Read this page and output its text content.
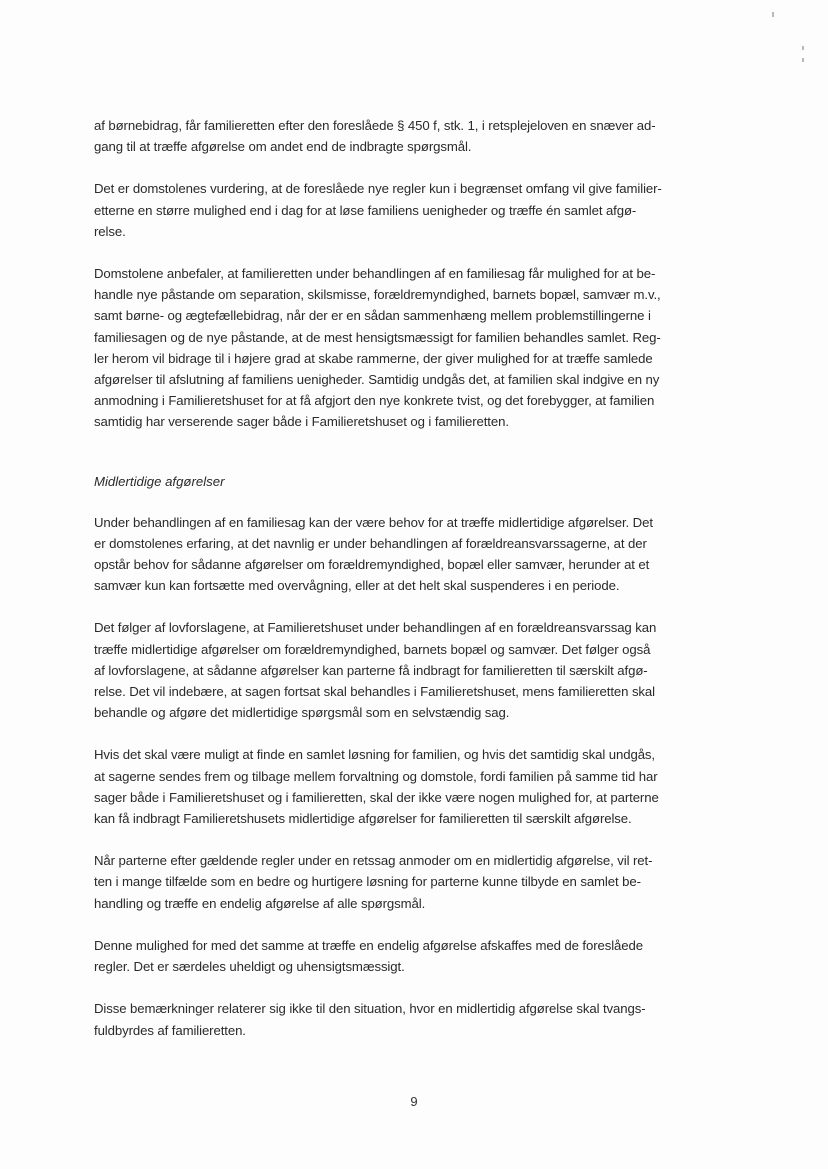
af børnebidrag, får familieretten efter den foreslåede § 450 f, stk. 1, i retsplejeloven en snæver ad-
gang til at træffe afgørelse om andet end de indbragte spørgsmål.

Det er domstolenes vurdering, at de foreslåede nye regler kun i begrænset omfang vil give familier-
etterne en større mulighed end i dag for at løse familiens uenigheder og træffe én samlet afgø-
relse.

Domstolene anbefaler, at familieretten under behandlingen af en familiesag får mulighed for at be-
handle nye påstande om separation, skilsmisse, forældremyndighed, barnets bopæl, samvær m.v.,
samt børne- og ægtefællebidrag, når der er en sådan sammenhæng mellem problemstillingerne i
familiesagen og de nye påstande, at de mest hensigtsmæssigt for familien behandles samlet. Reg-
ler herom vil bidrage til i højere grad at skabe rammerne, der giver mulighed for at træffe samlede
afgørelser til afslutning af familiens uenigheder. Samtidig undgås det, at familien skal indgive en ny
anmodning i Familieretshuset for at få afgjort den nye konkrete tvist, og det forebygger, at familien
samtidig har verserende sager både i Familieretshuset og i familieretten.

Midlertidige afgørelser

Under behandlingen af en familiesag kan der være behov for at træffe midlertidige afgørelser. Det
er domstolenes erfaring, at det navnlig er under behandlingen af forældreansvarssagerne, at der
opstår behov for sådanne afgørelser om forældremyndighed, bopæl eller samvær, herunder at et
samvær kun kan fortsætte med overvågning, eller at det helt skal suspenderes i en periode.

Det følger af lovforslagene, at Familieretshuset under behandlingen af en forældreansvarssag kan
træffe midlertidige afgørelser om forældremyndighed, barnets bopæl og samvær. Det følger også
af lovforslagene, at sådanne afgørelser kan parterne få indbragt for familieretten til særskilt afgø-
relse. Det vil indebære, at sagen fortsat skal behandles i Familieretshuset, mens familieretten skal
behandle og afgøre det midlertidige spørgsmål som en selvstændig sag.

Hvis det skal være muligt at finde en samlet løsning for familien, og hvis det samtidig skal undgås,
at sagerne sendes frem og tilbage mellem forvaltning og domstole, fordi familien på samme tid har
sager både i Familieretshuset og i familieretten, skal der ikke være nogen mulighed for, at parterne
kan få indbragt Familieretshusets midlertidige afgørelser for familieretten til særskilt afgørelse.

Når parterne efter gældende regler under en retssag anmoder om en midlertidig afgørelse, vil ret-
ten i mange tilfælde som en bedre og hurtigere løsning for parterne kunne tilbyde en samlet be-
handling og træffe en endelig afgørelse af alle spørgsmål.

Denne mulighed for med det samme at træffe en endelig afgørelse afskaffes med de foreslåede
regler. Det er særdeles uheldigt og uhensigtsmæssigt.

Disse bemærkninger relaterer sig ikke til den situation, hvor en midlertidig afgørelse skal tvangs-
fuldbyrdes af familieretten.

9
